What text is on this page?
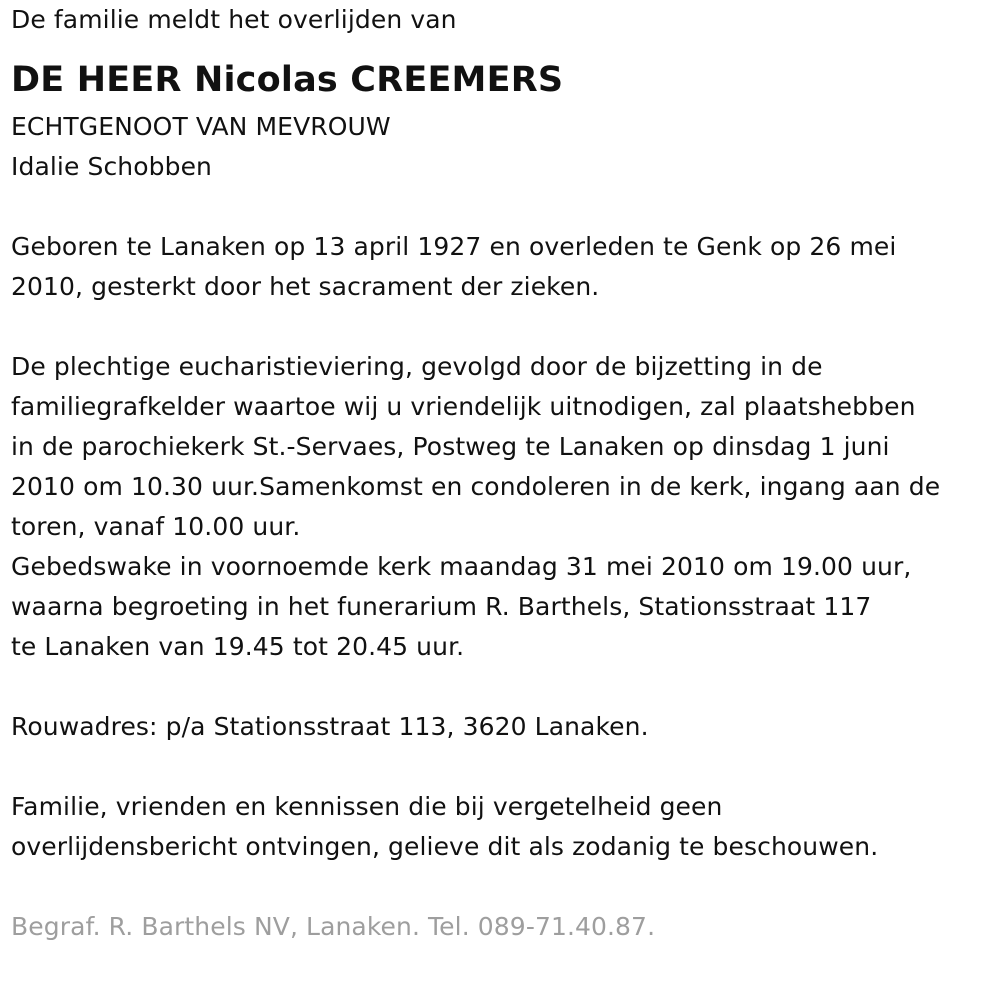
De familie meldt het overlijden van
DE HEER Nicolas CREEMERS
ECHTGENOOT VAN MEVROUW
Idalie Schobben
Geboren te Lanaken op 13 april 1927 en overleden te Genk op 26 mei
2010, gesterkt door het sacrament der zieken.
De plechtige eucharistieviering, gevolgd door de bijzetting in de
familiegrafkelder waartoe wij u vriendelijk uitnodigen, zal plaatshebben
in de parochiekerk St.-Servaes, Postweg te Lanaken op dinsdag 1 juni
2010 om 10.30 uur.Samenkomst en condoleren in de kerk, ingang aan de
toren, vanaf 10.00 uur.
Gebedswake in voornoemde kerk maandag 31 mei 2010 om 19.00 uur,
waarna begroeting in het funerarium R. Barthels, Stationsstraat 117
te Lanaken van 19.45 tot 20.45 uur.
Rouwadres: p/a Stationsstraat 113, 3620 Lanaken.
Familie, vrienden en kennissen die bij vergetelheid geen
overlijdensbericht ontvingen, gelieve dit als zodanig te beschouwen.
Begraf. R. Barthels NV, Lanaken. Tel. 089-71.40.87.
